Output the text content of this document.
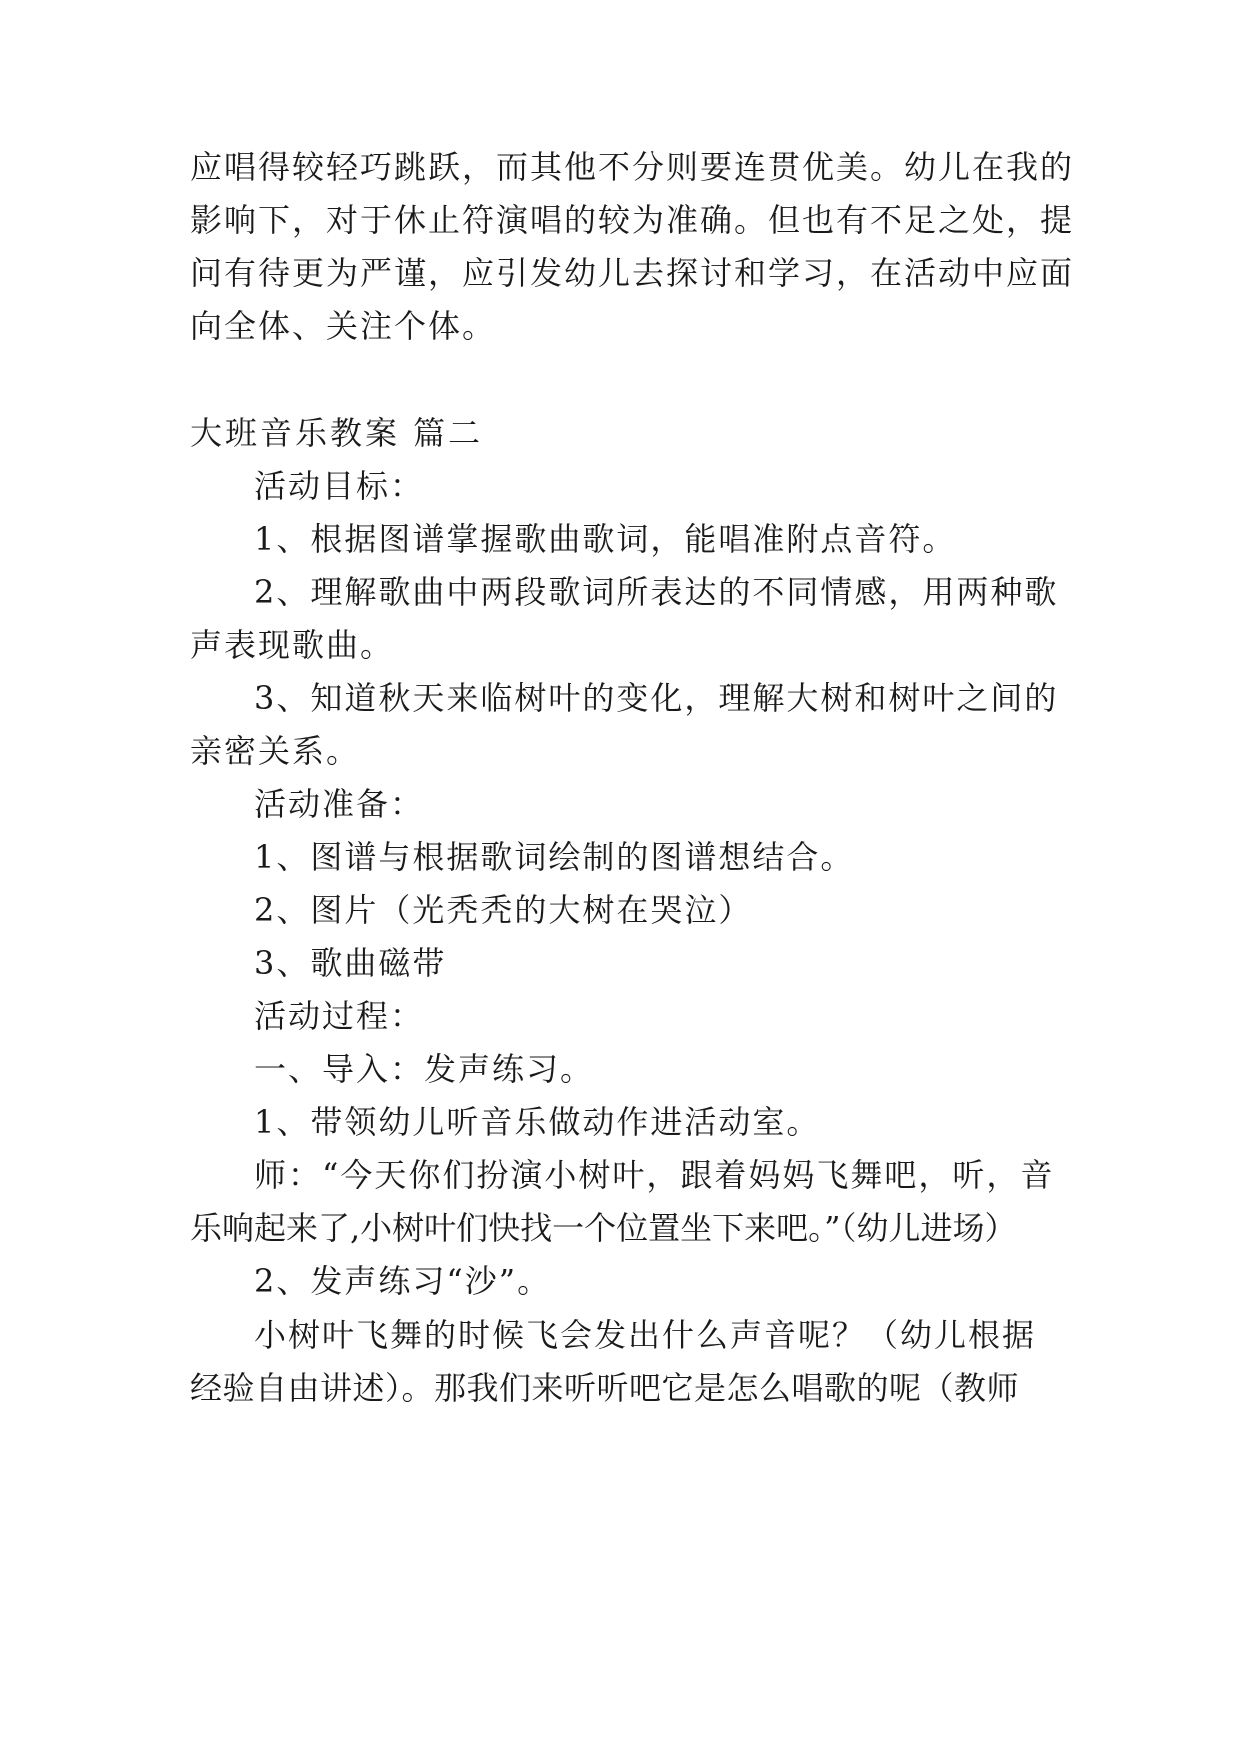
应唱得较轻巧跳跃，而其他不分则要连贯优美。幼儿在我的
影响下，对于休止符演唱的较为准确。但也有不足之处，提
问有待更为严谨，应引发幼儿去探讨和学习，在活动中应面
向全体、关注个体。
大班音乐教案 篇二
活动目标：
1、根据图谱掌握歌曲歌词，能唱准附点音符。
2、理解歌曲中两段歌词所表达的不同情感，用两种歌
声表现歌曲。
3、知道秋天来临树叶的变化，理解大树和树叶之间的
亲密关系。
活动准备：
1、图谱与根据歌词绘制的图谱想结合。
2、图片（光秃秃的大树在哭泣）
3、歌曲磁带
活动过程：
一、导入：发声练习。
1、带领幼儿听音乐做动作进活动室。
师：“今天你们扮演小树叶，跟着妈妈飞舞吧，听，音
乐响起来了,小树叶们快找一个位置坐下来吧。”（幼儿进场）
2、发声练习“沙”。
小树叶飞舞的时候飞会发出什么声音呢？（幼儿根据
经验自由讲述）。那我们来听听吧它是怎么唱歌的呢（教师
